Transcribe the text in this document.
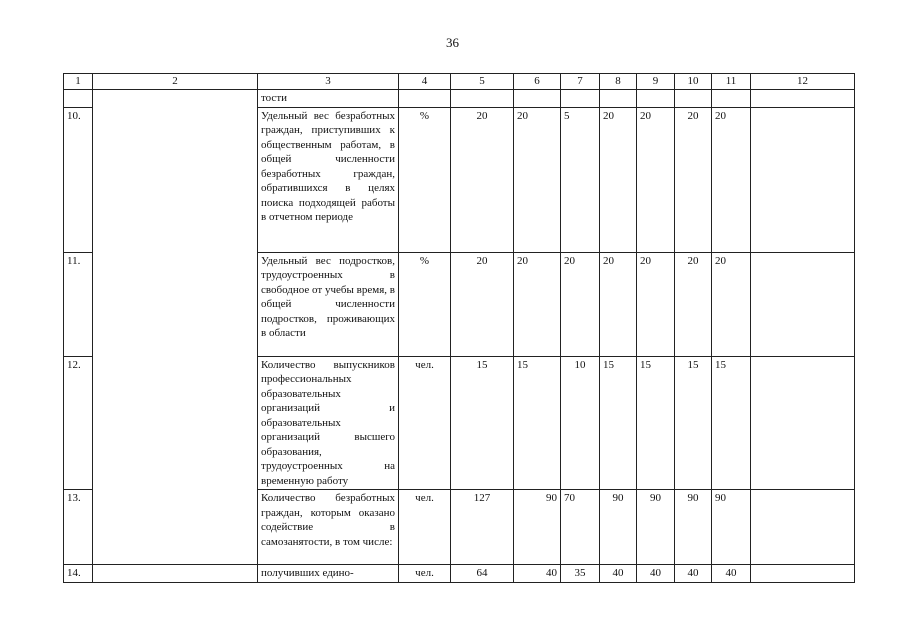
36
1	2	3	4	5	6	7	8	9	10	11	12
		тости									
10.		Удельный вес безработных граждан, приступивших к общественным работам, в общей численности безработных граждан, обратившихся в целях поиска подходящей работы в отчетном периоде	%	20	20	5	20	20	20	20	
11.		Удельный вес подростков, трудоустроенных в свободное от учебы время, в общей численности подростков, проживающих в области	%	20	20	20	20	20	20	20	
12.		Количество выпускников профессиональных образовательных организаций и образовательных организаций высшего образования, трудоустроенных на временную работу	чел.	15	15	10	15	15	15	15	
13.		Количество безработных граждан, которым оказано содействие в самозанятости, в том числе:	чел.	127	90	70	90	90	90	90	
14.		получивших едино-	чел.	64	40	35	40	40	40	40	
